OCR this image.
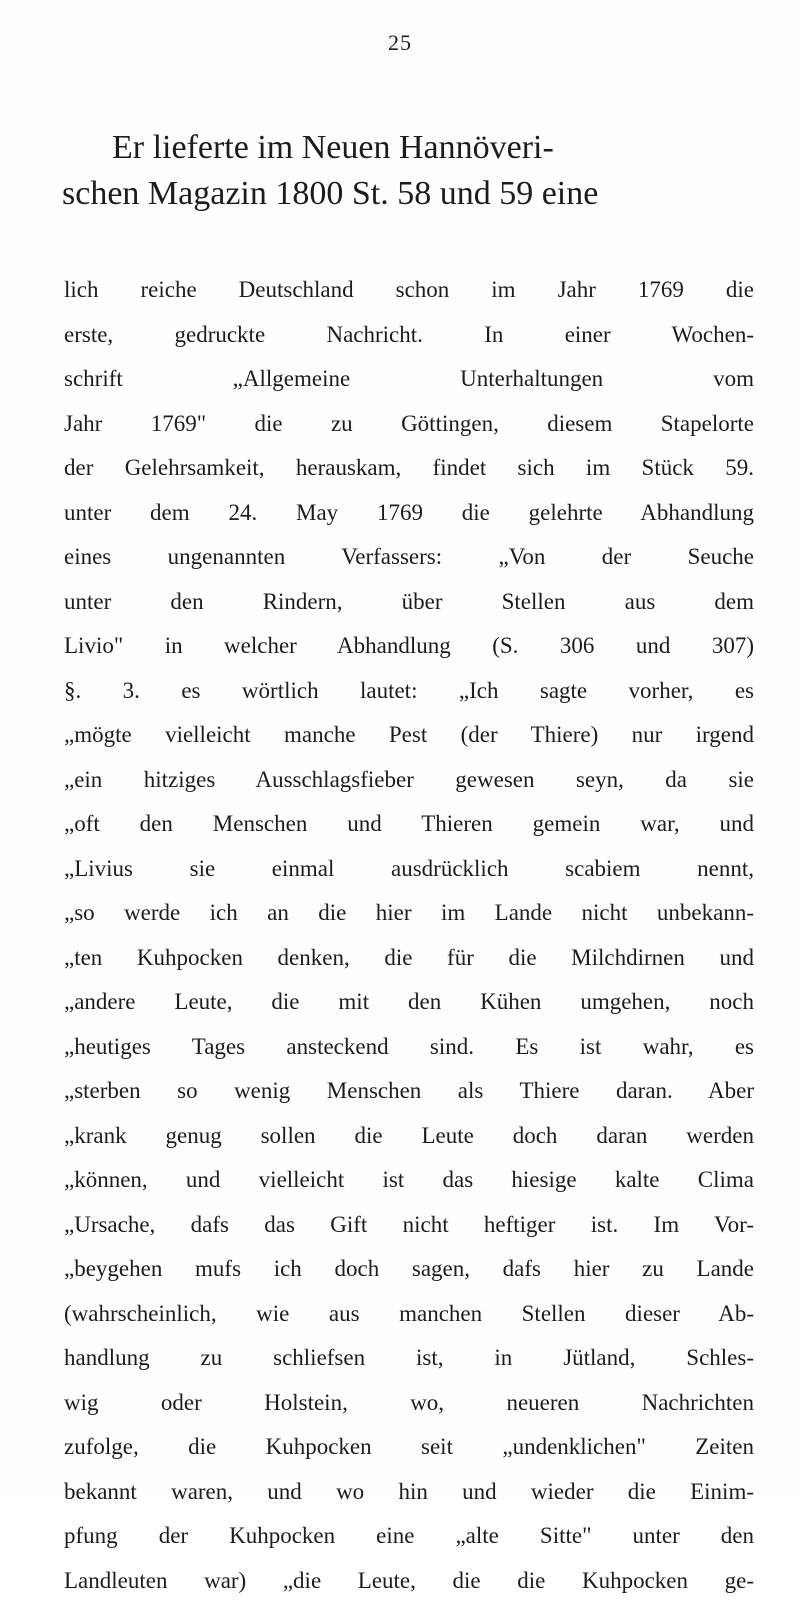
25
Er lieferte im Neuen Hannöveri-
schen Magazin 1800 St. 58 und 59 eine
lich reiche Deutschland schon im Jahr 1769 die
erste, gedruckte Nachricht. In einer Wochen-
schrift „Allgemeine Unterhaltungen vom
Jahr 1769" die zu Göttingen, diesem Stapelorte
der Gelehrsamkeit, herauskam, findet sich im Stück 59.
unter dem 24. May 1769 die gelehrte Abhandlung
eines ungenannten Verfassers: „Von der Seuche
unter den Rindern, über Stellen aus dem
Livio" in welcher Abhandlung (S. 306 und 307)
§. 3. es wörtlich lautet: „Ich sagte vorher, es
„mögte vielleicht manche Pest (der Thiere) nur irgend
„ein hitziges Ausschlagsfieber gewesen seyn, da sie
„oft den Menschen und Thieren gemein war, und
„Livius sie einmal ausdrücklich scabiem nennt,
„so werde ich an die hier im Lande nicht unbekann-
„ten Kuhpocken denken, die für die Milchdirnen und
„andere Leute, die mit den Kühen umgehen, noch
„heutiges Tages ansteckend sind. Es ist wahr, es
„sterben so wenig Menschen als Thiere daran. Aber
„krank genug sollen die Leute doch daran werden
„können, und vielleicht ist das hiesige kalte Clima
„Ursache, dafs das Gift nicht heftiger ist. Im Vor-
„beygehen mufs ich doch sagen, dafs hier zu Lande
(wahrscheinlich, wie aus manchen Stellen dieser Ab-
handlung zu schliefsen ist, in Jütland, Schles-
wig oder Holstein, wo, neueren Nachrichten
zufolge, die Kuhpocken seit „undenklichen" Zeiten
bekannt waren, und wo hin und wieder die Einim-
pfung der Kuhpocken eine „alte Sitte" unter den
Landleuten war) „die Leute, die die Kuhpocken ge-
